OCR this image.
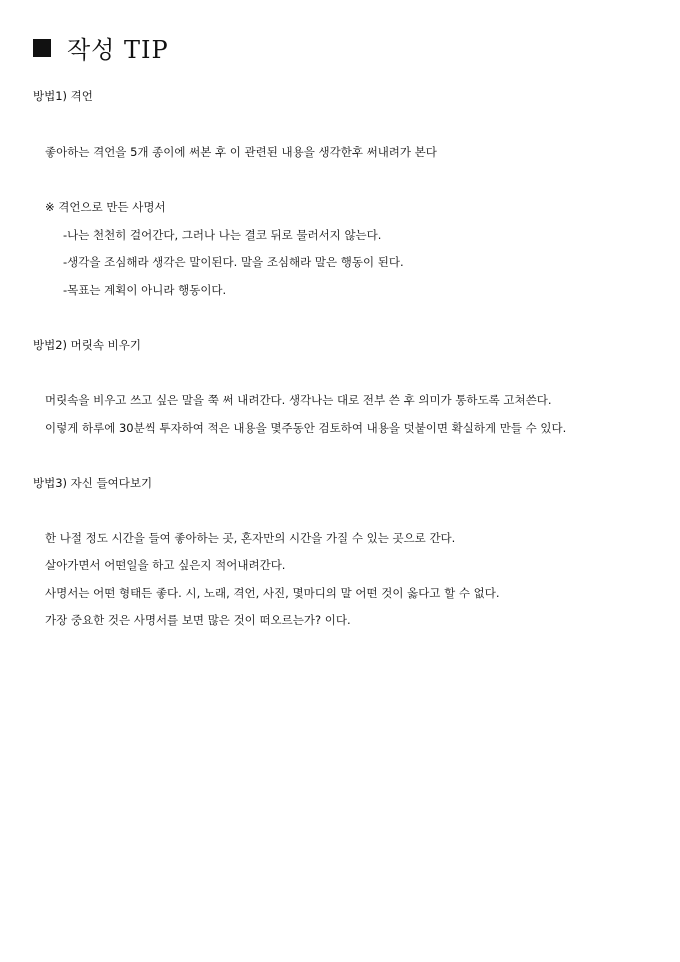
작성 TIP
방법1) 격언
좋아하는 격언을 5개 종이에 써본 후 이 관련된 내용을 생각한후 써내려가 본다
※ 격언으로 만든 사명서
-나는 천천히 걸어간다, 그러나 나는 결코 뒤로 물러서지 않는다.
-생각을 조심해라 생각은 말이된다. 말을 조심해라 말은 행동이 된다.
-목표는 계획이 아니라 행동이다.
방법2) 머릿속 비우기
머릿속을 비우고 쓰고 싶은 말을 쭉 써 내려간다. 생각나는 대로 전부 쓴 후 의미가 통하도록 고쳐쓴다.
이렇게 하루에 30분씩 투자하여 적은 내용을 몇주동안 검토하여 내용을 덧붙이면 확실하게 만들 수 있다.
방법3) 자신 들여다보기
한 나절 정도 시간을 들여 좋아하는 곳, 혼자만의 시간을 가질 수 있는 곳으로 간다.
살아가면서 어떤일을 하고 싶은지 적어내려간다.
사명서는 어떤 형태든 좋다. 시, 노래, 격언, 사진, 몇마디의 말 어떤 것이 옳다고 할 수 없다.
가장 중요한 것은 사명서를 보면 많은 것이 떠오르는가? 이다.
